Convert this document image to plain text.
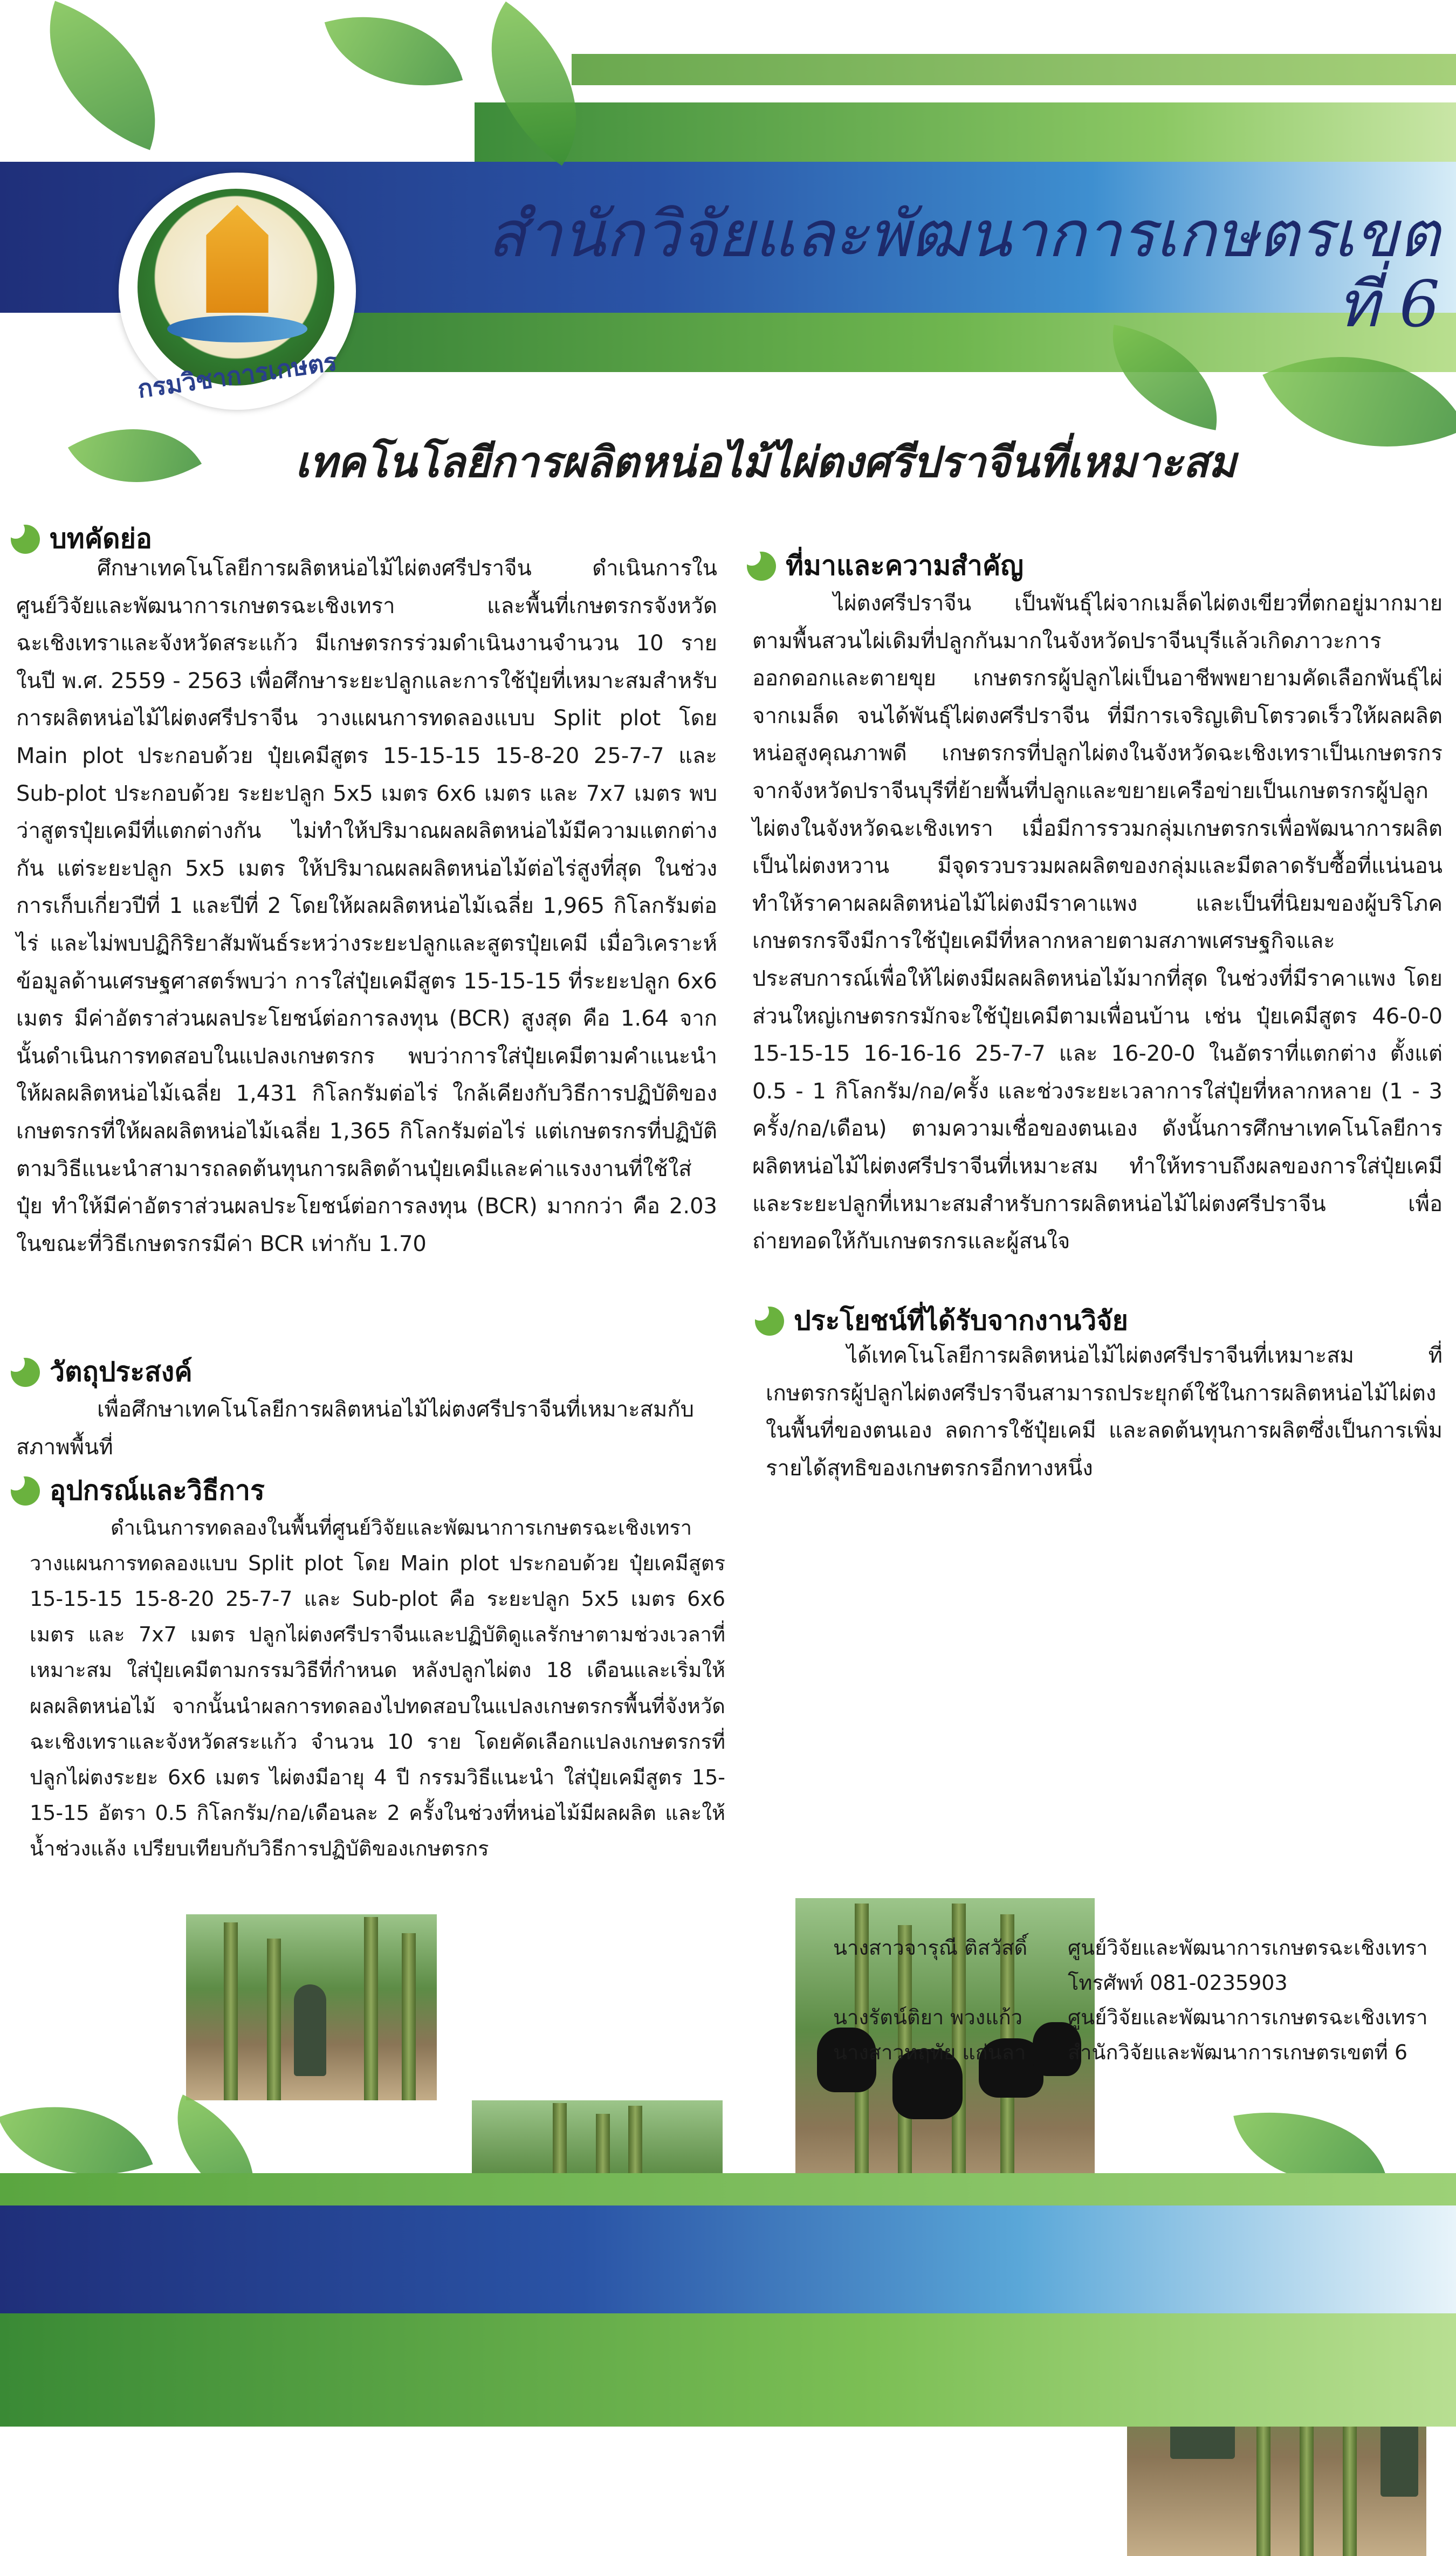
สำนักวิจัยและพัฒนาการเกษตรเขตที่ 6
เทคโนโลยีการผลิตหน่อไม้ไผ่ตงศรีปราจีนที่เหมาะสม
กรมวิชาการเกษตร
บทคัดย่อ
ศึกษาเทคโนโลยีการผลิตหน่อไม้ไผ่ตงศรีปราจีน ดำเนินการในศูนย์วิจัยและพัฒนาการเกษตรฉะเชิงเทรา และพื้นที่เกษตรกรจังหวัดฉะเชิงเทราและจังหวัดสระแก้ว มีเกษตรกรร่วมดำเนินงานจำนวน 10 ราย ในปี พ.ศ. 2559 - 2563 เพื่อศึกษาระยะปลูกและการใช้ปุ๋ยที่เหมาะสมสำหรับการผลิตหน่อไม้ไผ่ตงศรีปราจีน วางแผนการทดลองแบบ Split plot โดย Main plot ประกอบด้วย ปุ๋ยเคมีสูตร 15-15-15 15-8-20 25-7-7 และ Sub-plot ประกอบด้วย ระยะปลูก 5x5 เมตร 6x6 เมตร และ 7x7 เมตร พบว่าสูตรปุ๋ยเคมีที่แตกต่างกัน ไม่ทำให้ปริมาณผลผลิตหน่อไม้มีความแตกต่างกัน แต่ระยะปลูก 5x5 เมตร ให้ปริมาณผลผลิตหน่อไม้ต่อไร่สูงที่สุด ในช่วงการเก็บเกี่ยวปีที่ 1 และปีที่ 2 โดยให้ผลผลิตหน่อไม้เฉลี่ย 1,965 กิโลกรัมต่อไร่ และไม่พบปฏิกิริยาสัมพันธ์ระหว่างระยะปลูกและสูตรปุ๋ยเคมี เมื่อวิเคราะห์ข้อมูลด้านเศรษฐศาสตร์พบว่า การใส่ปุ๋ยเคมีสูตร 15-15-15 ที่ระยะปลูก 6x6 เมตร มีค่าอัตราส่วนผลประโยชน์ต่อการลงทุน (BCR) สูงสุด คือ 1.64 จากนั้นดำเนินการทดสอบในแปลงเกษตรกร พบว่าการใส่ปุ๋ยเคมีตามคำแนะนำ ให้ผลผลิตหน่อไม้เฉลี่ย 1,431 กิโลกรัมต่อไร่ ใกล้เคียงกับวิธีการปฏิบัติของเกษตรกรที่ให้ผลผลิตหน่อไม้เฉลี่ย 1,365 กิโลกรัมต่อไร่ แต่เกษตรกรที่ปฏิบัติตามวิธีแนะนำสามารถลดต้นทุนการผลิตด้านปุ๋ยเคมีและค่าแรงงานที่ใช้ใส่ปุ๋ย ทำให้มีค่าอัตราส่วนผลประโยชน์ต่อการลงทุน (BCR) มากกว่า คือ 2.03 ในขณะที่วิธีเกษตรกรมีค่า BCR เท่ากับ 1.70
วัตถุประสงค์
เพื่อศึกษาเทคโนโลยีการผลิตหน่อไม้ไผ่ตงศรีปราจีนที่เหมาะสมกับสภาพพื้นที่
อุปกรณ์และวิธีการ
ดำเนินการทดลองในพื้นที่ศูนย์วิจัยและพัฒนาการเกษตรฉะเชิงเทรา วางแผนการทดลองแบบ Split plot โดย Main plot ประกอบด้วย ปุ๋ยเคมีสูตร 15-15-15 15-8-20 25-7-7 และ Sub-plot คือ ระยะปลูก 5x5 เมตร 6x6 เมตร และ 7x7 เมตร ปลูกไผ่ตงศรีปราจีนและปฏิบัติดูแลรักษาตามช่วงเวลาที่เหมาะสม ใส่ปุ๋ยเคมีตามกรรมวิธีที่กำหนด หลังปลูกไผ่ตง 18 เดือนและเริ่มให้ผลผลิตหน่อไม้ จากนั้นนำผลการทดลองไปทดสอบในแปลงเกษตรกรพื้นที่จังหวัดฉะเชิงเทราและจังหวัดสระแก้ว จำนวน 10 ราย โดยคัดเลือกแปลงเกษตรกรที่ปลูกไผ่ตงระยะ 6x6 เมตร ไผ่ตงมีอายุ 4 ปี กรรมวิธีแนะนำ ใส่ปุ๋ยเคมีสูตร 15-15-15 อัตรา 0.5 กิโลกรัม/กอ/เดือนละ 2 ครั้งในช่วงที่หน่อไม้มีผลผลิต และให้น้ำช่วงแล้ง เปรียบเทียบกับวิธีการปฏิบัติของเกษตรกร
ที่มาและความสำคัญ
ไผ่ตงศรีปราจีน เป็นพันธุ์ไผ่จากเมล็ดไผ่ตงเขียวที่ตกอยู่มากมายตามพื้นสวนไผ่เดิมที่ปลูกกันมากในจังหวัดปราจีนบุรีแล้วเกิดภาวะการออกดอกและตายขุย เกษตรกรผู้ปลูกไผ่เป็นอาชีพพยายามคัดเลือกพันธุ์ไผ่จากเมล็ด จนได้พันธุ์ไผ่ตงศรีปราจีน ที่มีการเจริญเติบโตรวดเร็วให้ผลผลิตหน่อสูงคุณภาพดี เกษตรกรที่ปลูกไผ่ตงในจังหวัดฉะเชิงเทราเป็นเกษตรกรจากจังหวัดปราจีนบุรีที่ย้ายพื้นที่ปลูกและขยายเครือข่ายเป็นเกษตรกรผู้ปลูกไผ่ตงในจังหวัดฉะเชิงเทรา เมื่อมีการรวมกลุ่มเกษตรกรเพื่อพัฒนาการผลิตเป็นไผ่ตงหวาน มีจุดรวบรวมผลผลิตของกลุ่มและมีตลาดรับซื้อที่แน่นอน ทำให้ราคาผลผลิตหน่อไม้ไผ่ตงมีราคาแพง และเป็นที่นิยมของผู้บริโภค เกษตรกรจึงมีการใช้ปุ๋ยเคมีที่หลากหลายตามสภาพเศรษฐกิจและประสบการณ์เพื่อให้ไผ่ตงมีผลผลิตหน่อไม้มากที่สุด ในช่วงที่มีราคาแพง โดยส่วนใหญ่เกษตรกรมักจะใช้ปุ๋ยเคมีตามเพื่อนบ้าน เช่น ปุ๋ยเคมีสูตร 46-0-0 15-15-15 16-16-16 25-7-7 และ 16-20-0 ในอัตราที่แตกต่าง ตั้งแต่ 0.5 - 1 กิโลกรัม/กอ/ครั้ง และช่วงระยะเวลาการใส่ปุ๋ยที่หลากหลาย (1 - 3 ครั้ง/กอ/เดือน) ตามความเชื่อของตนเอง ดังนั้นการศึกษาเทคโนโลยีการผลิตหน่อไม้ไผ่ตงศรีปราจีนที่เหมาะสม ทำให้ทราบถึงผลของการใส่ปุ๋ยเคมีและระยะปลูกที่เหมาะสมสำหรับการผลิตหน่อไม้ไผ่ตงศรีปราจีน เพื่อถ่ายทอดให้กับเกษตรกรและผู้สนใจ
ประโยชน์ที่ได้รับจากงานวิจัย
ได้เทคโนโลยีการผลิตหน่อไม้ไผ่ตงศรีปราจีนที่เหมาะสม ที่เกษตรกรผู้ปลูกไผ่ตงศรีปราจีนสามารถประยุกต์ใช้ในการผลิตหน่อไม้ไผ่ตงในพื้นที่ของตนเอง ลดการใช้ปุ๋ยเคมี และลดต้นทุนการผลิตซึ่งเป็นการเพิ่มรายได้สุทธิของเกษตรกรอีกทางหนึ่ง
นางสาวจารุณี ติสวัสดิ์	ศูนย์วิจัยและพัฒนาการเกษตรฉะเชิงเทรา
โทรศัพท์ 081-0235903
นางรัตน์ติยา พวงแก้ว	ศูนย์วิจัยและพัฒนาการเกษตรฉะเชิงเทรา
นางสาวหฤทัย แก่นลา	สำนักวิจัยและพัฒนาการเกษตรเขตที่ 6
